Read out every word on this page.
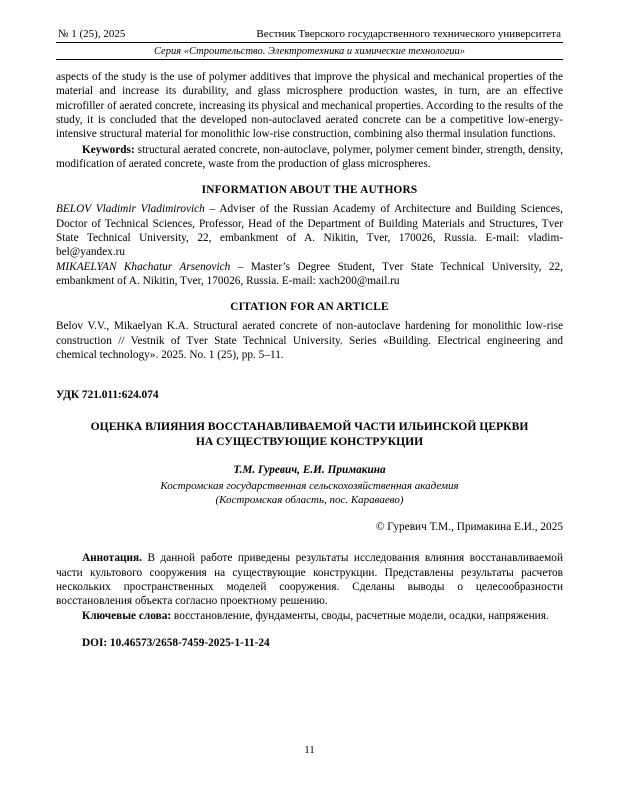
№ 1 (25), 2025	Вестник Тверского государственного технического университета
Серия «Строительство. Электротехника и химические технологии»

aspects of the study is the use of polymer additives that improve the physical and mechanical properties of the material and increase its durability, and glass microsphere production wastes, in turn, are an effective microfiller of aerated concrete, increasing its physical and mechanical properties. According to the results of the study, it is concluded that the developed non-autoclaved aerated concrete can be a competitive low-energy-intensive structural material for monolithic low-rise construction, combining also thermal insulation functions.

Keywords: structural aerated concrete, non-autoclave, polymer, polymer cement binder, strength, density, modification of aerated concrete, waste from the production of glass microspheres.

INFORMATION ABOUT THE AUTHORS

BELOV Vladimir Vladimirovich – Adviser of the Russian Academy of Architecture and Building Sciences, Doctor of Technical Sciences, Professor, Head of the Department of Building Materials and Structures, Tver State Technical University, 22, embankment of A. Nikitin, Tver, 170026, Russia. E-mail: vladim-bel@yandex.ru

MIKAELYAN Khachatur Arsenovich – Master’s Degree Student, Tver State Technical University, 22, embankment of A. Nikitin, Tver, 170026, Russia. E-mail: xach200@mail.ru

CITATION FOR AN ARTICLE

Belov V.V., Mikaelyan K.A. Structural aerated concrete of non-autoclave hardening for monolithic low-rise construction // Vestnik of Tver State Technical University. Series «Building. Electrical engineering and chemical technology». 2025. No. 1 (25), pp. 5–11.

УДК 721.011:624.074
ОЦЕНКА ВЛИЯНИЯ ВОССТАНАВЛИВАЕМОЙ ЧАСТИ ИЛЬИНСКОЙ ЦЕРКВИ
НА СУЩЕСТВУЮЩИЕ КОНСТРУКЦИИ
Т.М. Гуревич, Е.И. Примакина
Костромская государственная сельскохозяйственная академия
(Костромская область, пос. Караваево)
© Гуревич Т.М., Примакина Е.И., 2025

Аннотация. В данной работе приведены результаты исследования влияния восстанавливаемой части культового сооружения на существующие конструкции. Представлены результаты расчетов нескольких пространственных моделей сооружения. Сделаны выводы о целесообразности восстановления объекта согласно проектному решению.

Ключевые слова: восстановление, фундаменты, своды, расчетные модели, осадки, напряжения.

DOI: 10.46573/2658-7459-2025-1-11-24
11
